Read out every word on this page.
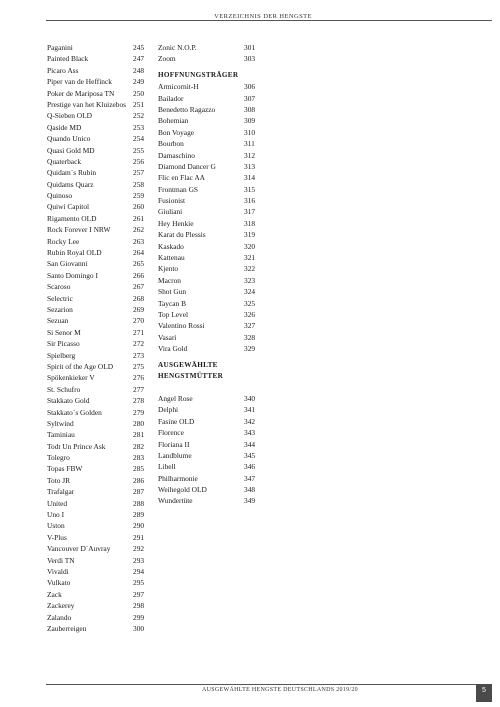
VERZEICHNIS DER HENGSTE
Paganini	245
Painted Black	247
Picaro Ass	248
Piper van de Heffinck	249
Poker de Mariposa TN	250
Prestige van het Kluizebos 251
Q-Sieben OLD	252
Qaside MD	253
Quando Unico	254
Quasi Gold MD	255
Quaterback	256
Quidam´s Rubin	257
Quidams Quarz	258
Quinoso	259
Quiwi Capitol	260
Rigamento OLD	261
Rock Forever I NRW	262
Rocky Lee	263
Rubin Royal OLD	264
San Giovanni	265
Santo Domingo I	266
Scaroso	267
Selectric	268
Sezarion	269
Sezuan	270
Si Senor M	271
Sir Picasso	272
Spielberg	273
Spirit of the Age OLD	275
Spökenkieker V	276
St. Schufro	277
Stakkato Gold	278
Stakkato´s Golden	279
Syltwind	280
Taminiau	281
Todt Un Prince Ask	282
Tolegro	283
Topas FBW	285
Toto JR	286
Trafalgar	287
United	288
Uno I	289
Uston	290
V-Plus	291
Vancouver D´Auvray	292
Verdi TN	293
Vivaldi	294
Vulkato	295
Zack	297
Zackerey	298
Zalando	299
Zauberreigen	300
Zonic N.O.P.	301
Zoom	303
HOFFNUNGSTRÄGER
Armicornit-H	306
Bailador	307
Benedetto Ragazzo	308
Bohemian	309
Bon Voyage	310
Bourbon	311
Damaschino	312
Diamond Dancer G	313
Flic en Flac AA	314
Frontman GS	315
Fusionist	316
Giuliani	317
Hey Henkie	318
Karat du Plessis	319
Kaskado	320
Kattenau	321
Kjento	322
Macron	323
Shot Gun	324
Taycan B	325
Top Level	326
Valentino Rossi	327
Vasari	328
Vira Gold	329
AUSGEWÄHLTE
HENGSTMÜTTER
Angel Rose	340
Delphi	341
Fasine OLD	342
Florence	343
Floriana II	344
Landblume	345
Libell	346
Philharmonie	347
Weihegold OLD	348
Wundertüte	349
AUSGEWÄHLTE HENGSTE DEUTSCHLANDS 2019/20	5
